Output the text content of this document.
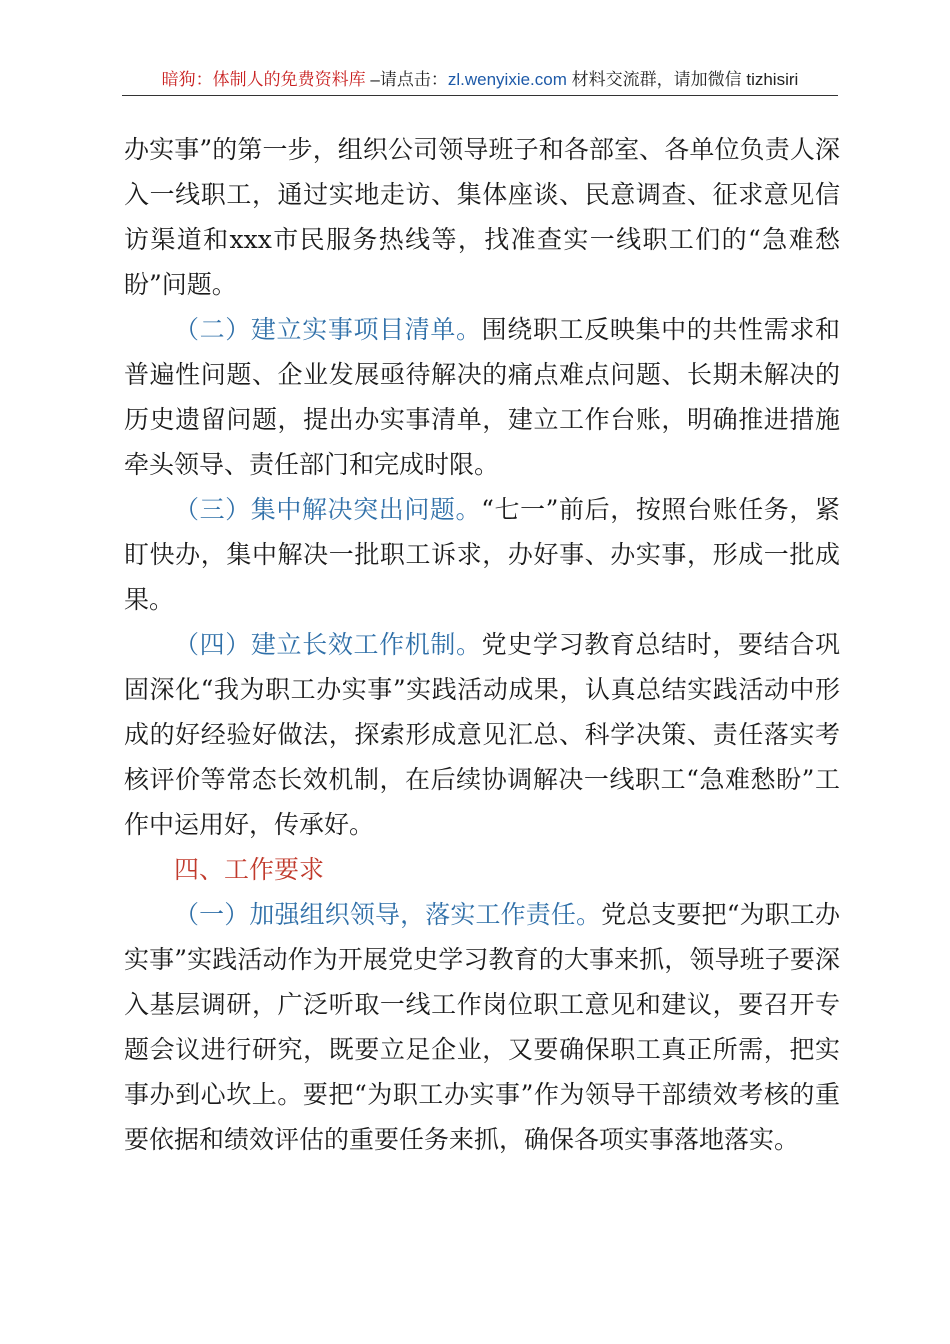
暗狗：体制人的免费资料库 –请点击：zl.wenyixie.com 材料交流群，请加微信 tizhisiri

办实事”的第一步，组织公司领导班子和各部室、各单位负责人深入一线职工，通过实地走访、集体座谈、民意调查、征求意见信访渠道和xxx市民服务热线等，找准查实一线职工们的“急难愁盼”问题。

（二）建立实事项目清单。围绕职工反映集中的共性需求和普遍性问题、企业发展亟待解决的痛点难点问题、长期未解决的历史遗留问题，提出办实事清单，建立工作台账，明确推进措施牵头领导、责任部门和完成时限。

（三）集中解决突出问题。“七一”前后，按照台账任务，紧盯快办，集中解决一批职工诉求，办好事、办实事，形成一批成果。

（四）建立长效工作机制。党史学习教育总结时，要结合巩固深化“我为职工办实事”实践活动成果，认真总结实践活动中形成的好经验好做法，探索形成意见汇总、科学决策、责任落实考核评价等常态长效机制，在后续协调解决一线职工“急难愁盼”工作中运用好，传承好。

四、工作要求

（一）加强组织领导，落实工作责任。党总支要把“为职工办实事”实践活动作为开展党史学习教育的大事来抓，领导班子要深入基层调研，广泛听取一线工作岗位职工意见和建议，要召开专题会议进行研究，既要立足企业，又要确保职工真正所需，把实事办到心坎上。要把“为职工办实事”作为领导干部绩效考核的重要依据和绩效评估的重要任务来抓，确保各项实事落地落实。
